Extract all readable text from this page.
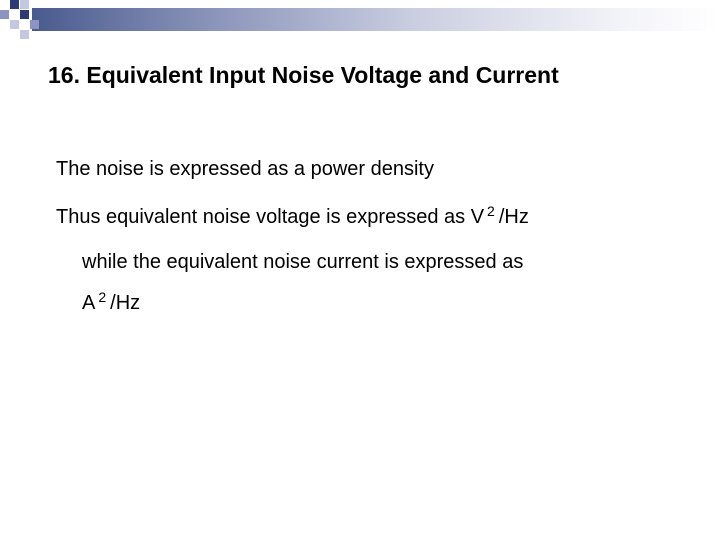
16. Equivalent Input Noise Voltage and Current

The noise is expressed as a power density

Thus equivalent noise voltage is expressed as V $^2$ /Hz

while the equivalent noise current is expressed as

A $^2$ /Hz
